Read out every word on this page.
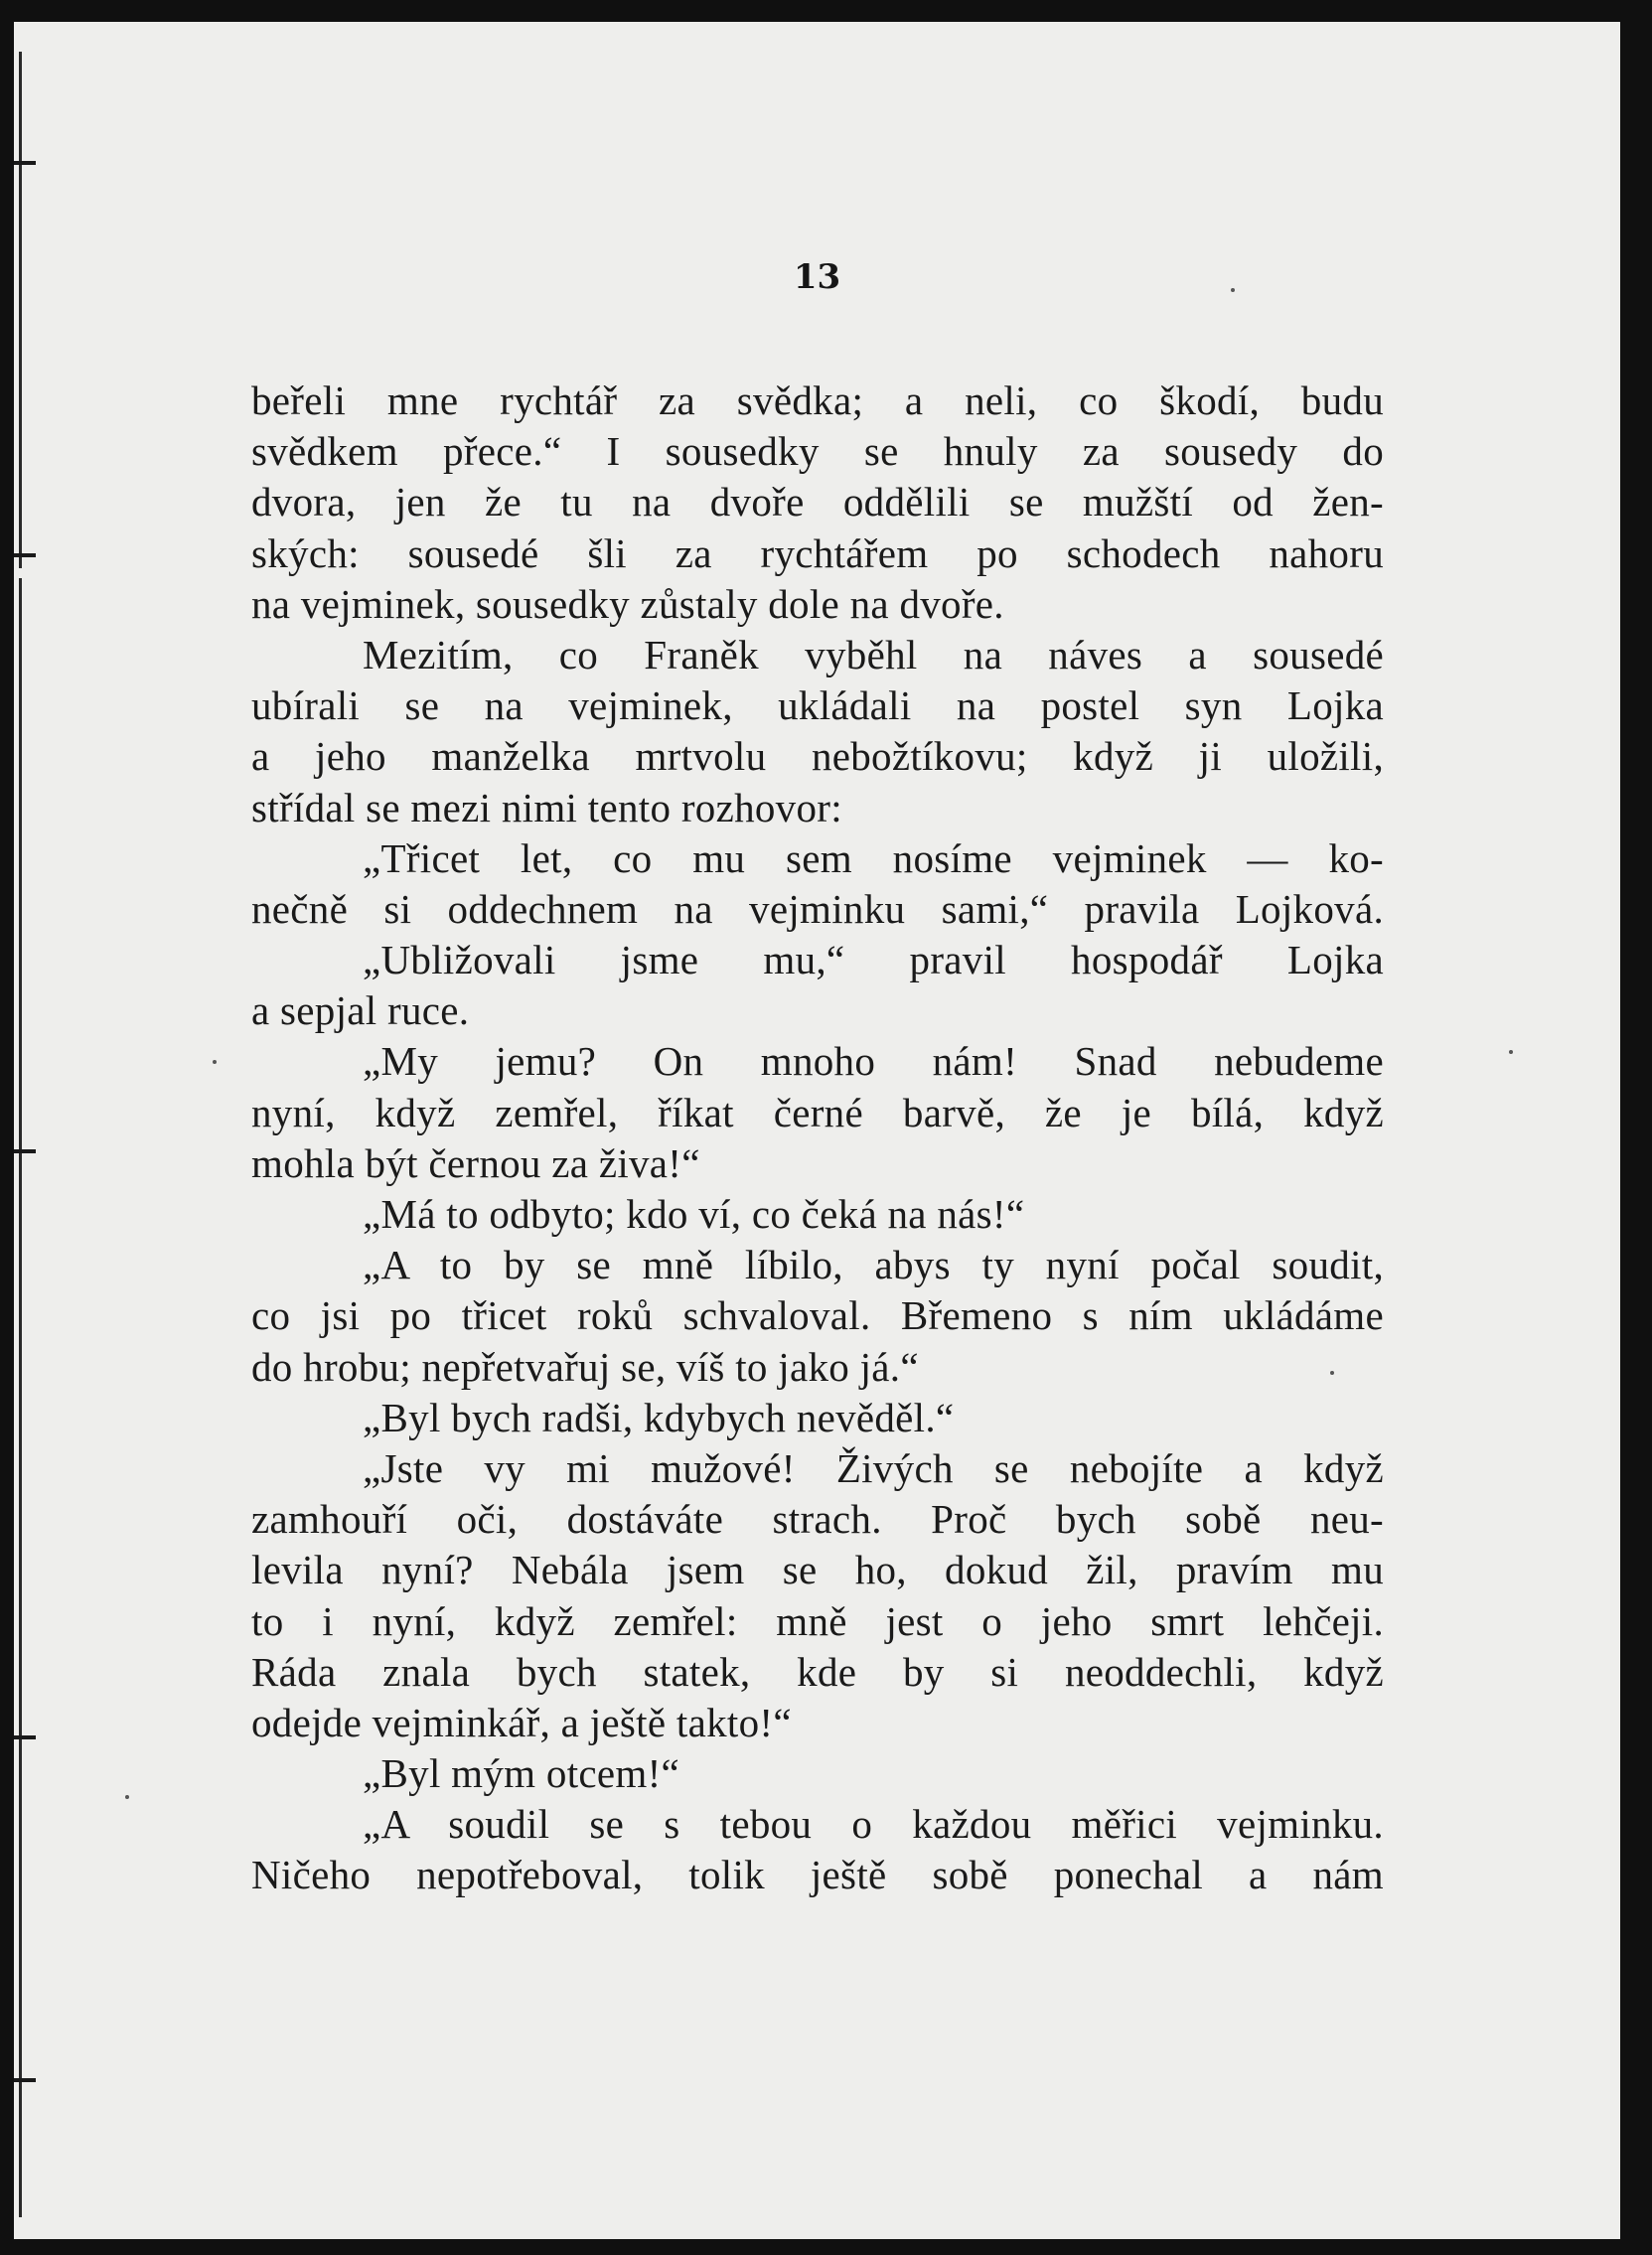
13

beřeli mne rychtář za svědka; a neli, co škodí, budu
svědkem přece.“ I sousedky se hnuly za sousedy do
dvora, jen že tu na dvoře oddělili se mužští od žen-
ských: sousedé šli za rychtářem po schodech nahoru
na vejminek, sousedky zůstaly dole na dvoře.
Mezitím, co Franěk vyběhl na náves a sousedé
ubírali se na vejminek, ukládali na postel syn Lojka
a jeho manželka mrtvolu nebožtíkovu; když ji uložili,
střídal se mezi nimi tento rozhovor:
„Třicet let, co mu sem nosíme vejminek — ko-
nečně si oddechnem na vejminku sami,“ pravila Lojková.
„Ubližovali jsme mu,“ pravil hospodář Lojka
a sepjal ruce.
„My jemu? On mnoho nám! Snad nebudeme
nyní, když zemřel, říkat černé barvě, že je bílá, když
mohla být černou za živa!“
„Má to odbyto; kdo ví, co čeká na nás!“
„A to by se mně líbilo, abys ty nyní počal soudit,
co jsi po třicet roků schvaloval. Břemeno s ním ukládáme
do hrobu; nepřetvařuj se, víš to jako já.“
„Byl bych radši, kdybych nevěděl.“
„Jste vy mi mužové! Živých se nebojíte a když
zamhouří oči, dostáváte strach. Proč bych sobě neu-
levila nyní? Nebála jsem se ho, dokud žil, pravím mu
to i nyní, když zemřel: mně jest o jeho smrt lehčeji.
Ráda znala bych statek, kde by si neoddechli, když
odejde vejminkář, a ještě takto!“
„Byl mým otcem!“
„A soudil se s tebou o každou měřici vejminku.
Ničeho nepotřeboval, tolik ještě sobě ponechal a nám
